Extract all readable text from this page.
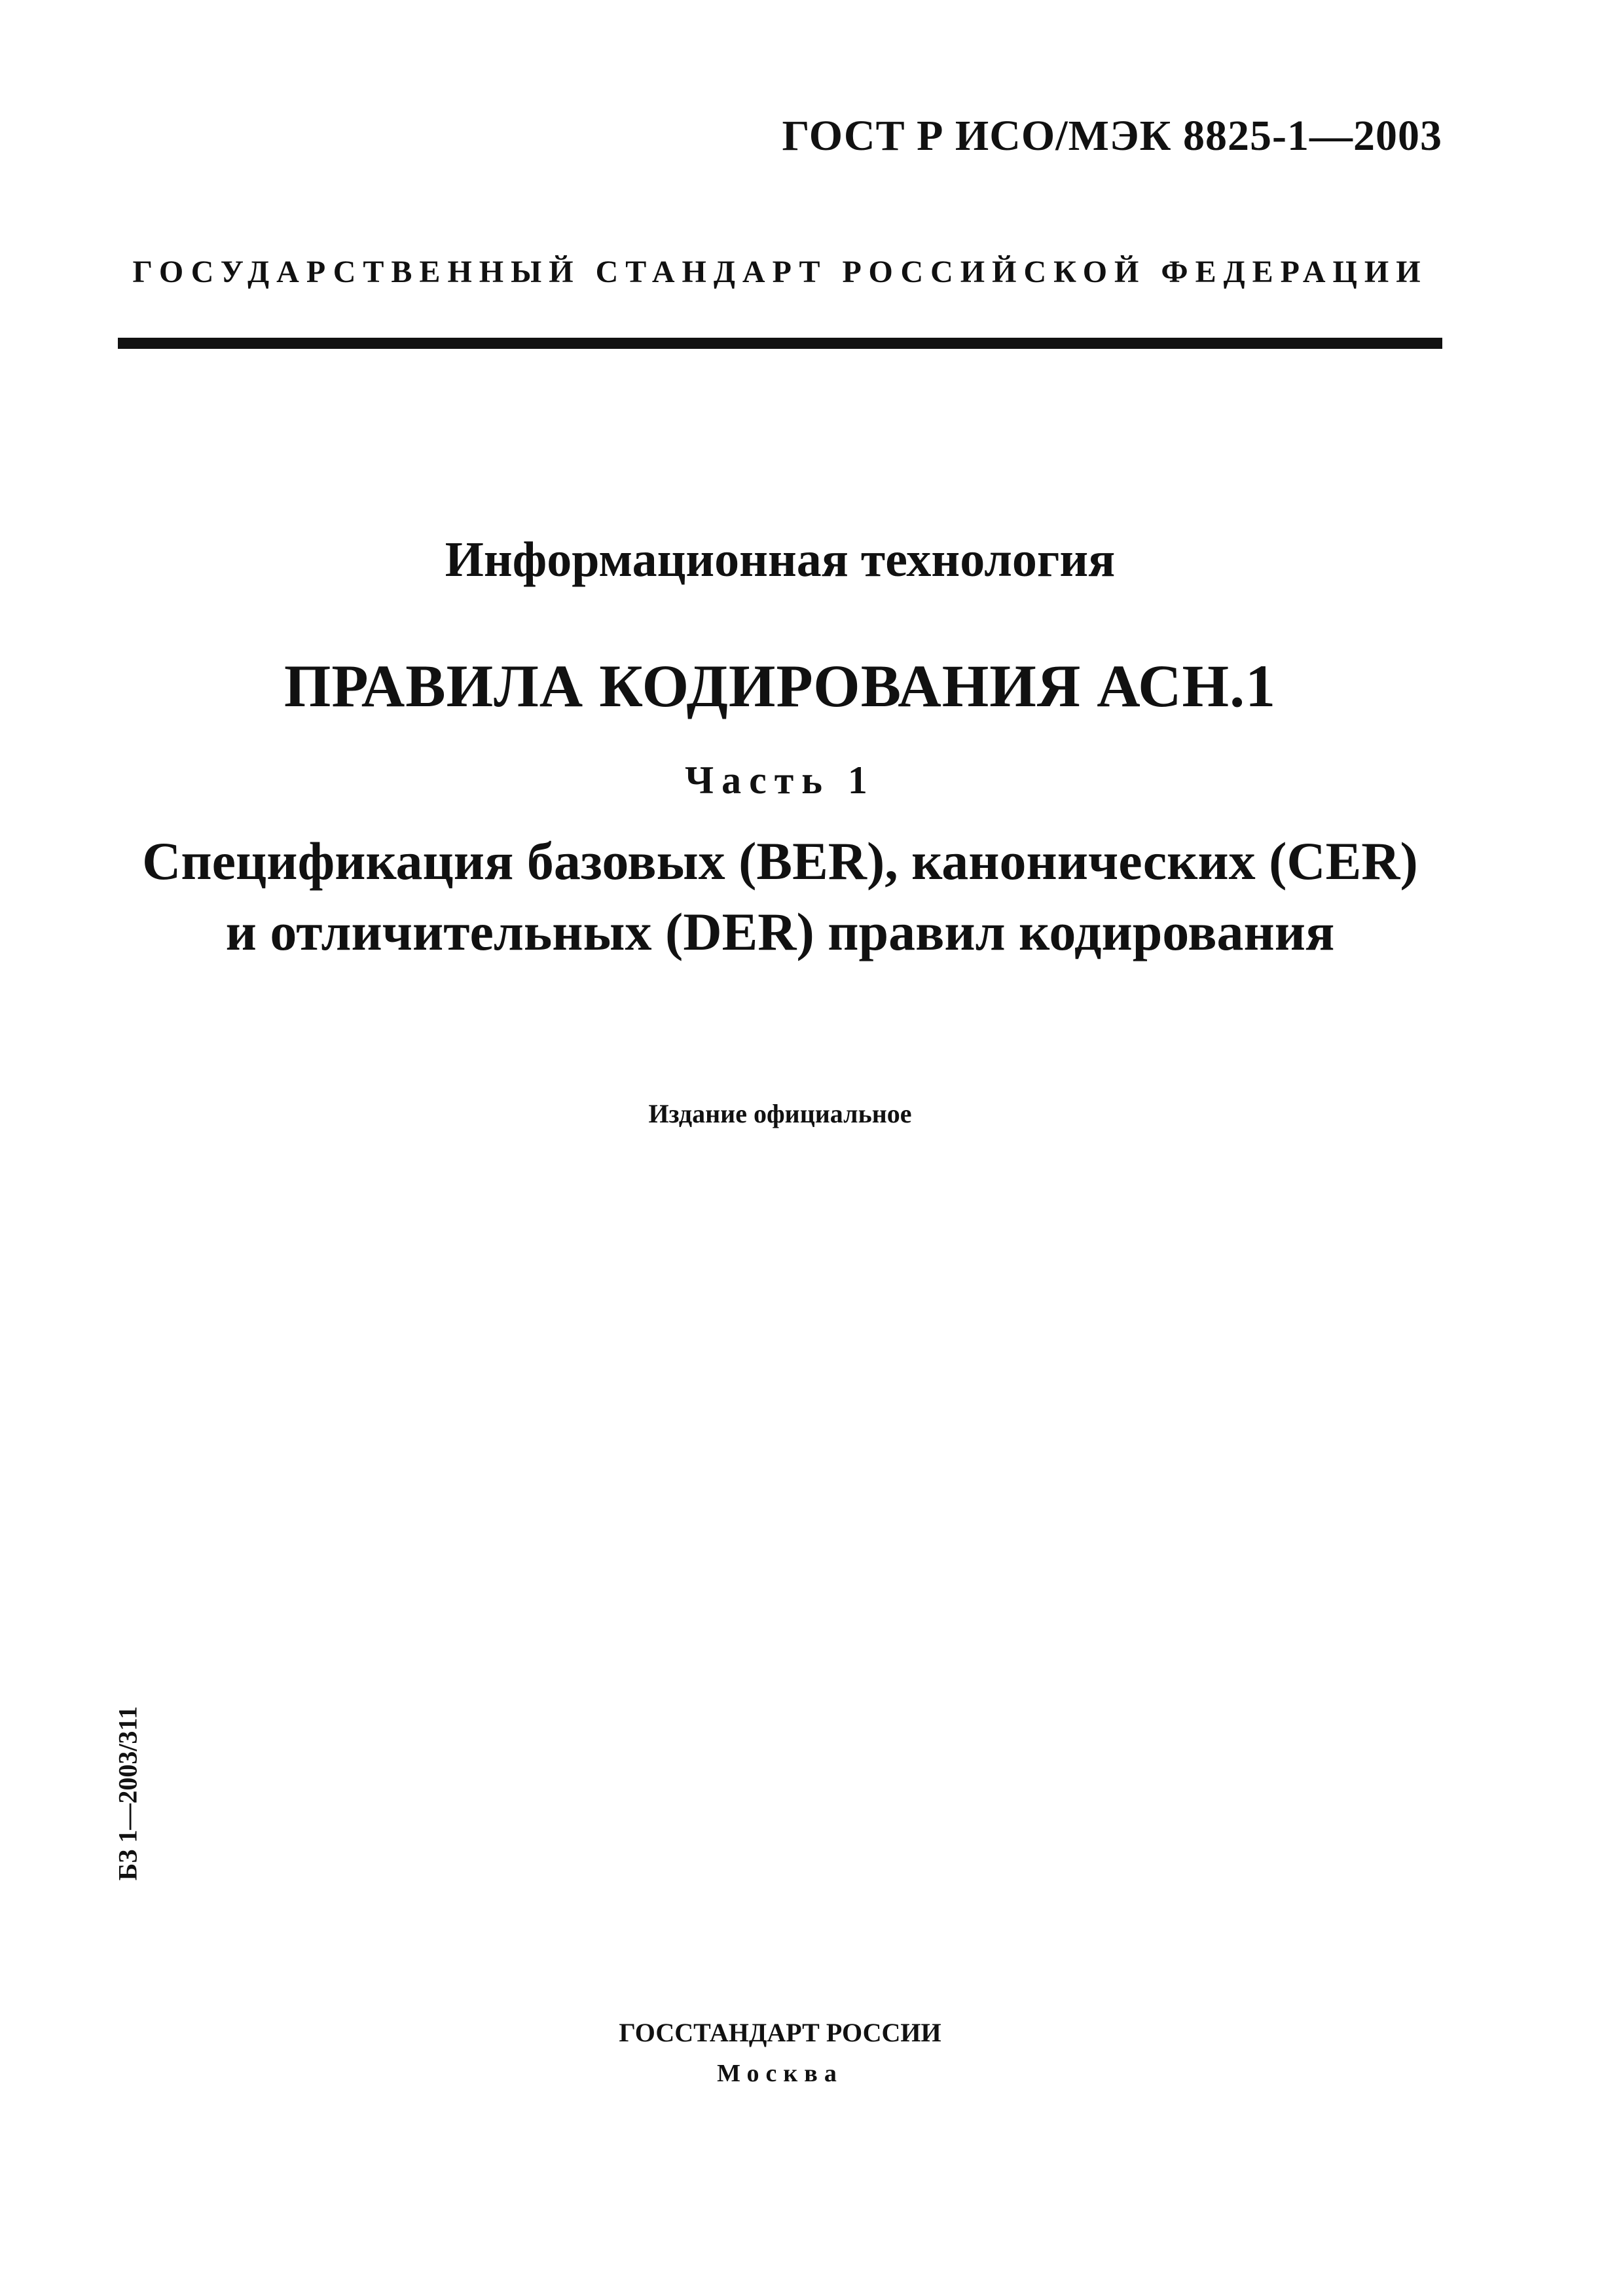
ГОСТ Р ИСО/МЭК 8825-1—2003
ГОСУДАРСТВЕННЫЙ СТАНДАРТ РОССИЙСКОЙ ФЕДЕРАЦИИ
Информационная технология
ПРАВИЛА КОДИРОВАНИЯ АСН.1
Часть 1
Спецификация базовых (BER), канонических (CER)
и отличительных (DER) правил кодирования
Издание официальное
БЗ 1—2003/311
ГОССТАНДАРТ РОССИИ
Москва
